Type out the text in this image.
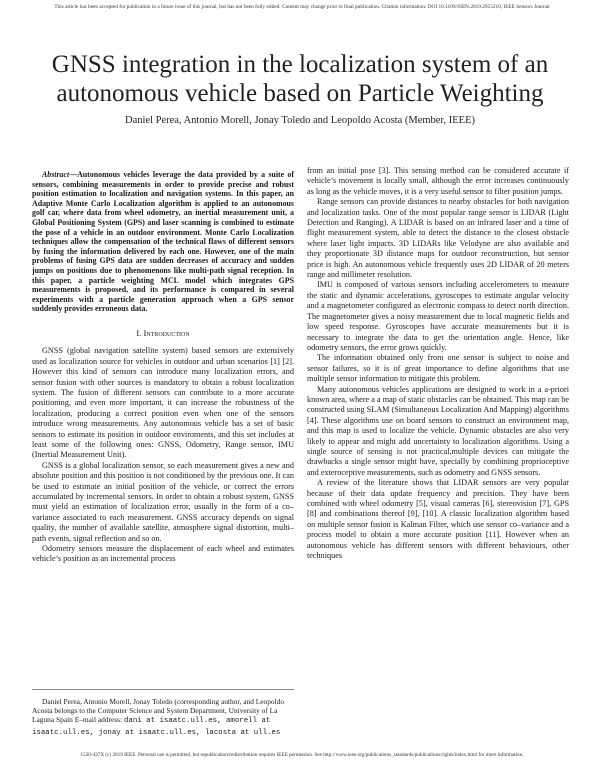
This article has been accepted for publication in a future issue of this journal, but has not been fully edited. Content may change prior to final publication. Citation information: DOI 10.1109/JSEN.2019.2955210, IEEE Sensors Journal
GNSS integration in the localization system of an autonomous vehicle based on Particle Weighting
Daniel Perea, Antonio Morell, Jonay Toledo and Leopoldo Acosta (Member, IEEE)

Abstract—Autonomous vehicles leverage the data provided by a suite of sensors, combining measurements in order to provide precise and robust position estimation to localization and navigation systems. In this paper, an Adaptive Monte Carlo Localization algorithm is applied to an autonomous golf car, where data from wheel odometry, an inertial measurement unit, a Global Positioning System (GPS) and laser scanning is combined to estimate the pose of a vehicle in an outdoor environment. Monte Carlo Localization techniques allow the compensation of the technical flaws of different sensors by fusing the information delivered by each one. However, one of the main problems of fusing GPS data are sudden decreases of accuracy and sudden jumps on positions due to phenomenons like multi-path signal reception. In this paper, a particle weighting MCL model which integrates GPS measurements is proposed, and its performance is compared in several experiments with a particle generation approach when a GPS sensor suddenly provides erroneous data.

I. Introduction

GNSS (global navigation satellite system) based sensors are extensively used as localization source for vehicles in outdoor and urban scenarios [1] [2]. However this kind of sensors can introduce many localization errors, and sensor fusion with other sources is mandatory to obtain a robust localization system. The fusion of different sensors can contribute to a more accurate positioning, and even more important, it can increase the robustness of the localization, producing a correct position even when one of the sensors introduce wrong measurements. Any autonomous vehicle has a set of basic sensors to estimate its position in outdoor enviroments, and this set includes at least some of the following ones: GNSS, Odometry, Range sensor, IMU (Inertial Measurement Unit).

GNSS is a global localization sensor, so each measurement gives a new and absolute position and this position is not conditioned by the previous one. It can be used to estimate an initial position of the vehicle, or correct the errors accumulated by incremental sensors. In order to obtain a robust system, GNSS must yield an estimation of localization error, usually in the form of a co–variance associated to each measurement. GNSS accuracy depends on signal quality, the number of available satellite, atmosphere signal distortion, multi–path events, signal reflection and so on.

Odometry sensors measure the displacement of each wheel and estimates vehicle’s position as an incremental process

Daniel Perea, Antonio Morell, Jonay Toledo (corresponding author, and Leopoldo Acosta belongs to the Computer Science and System Department, University of La Laguna Spain E–mail address: dani at isaatc.ull.es, amorell at isaatc.ull.es, jonay at isaatc.ull.es, lacosta at ull.es

from an initial pose [3]. This sensing method can be considered accurate if vehicle’s movement is locally small, although the error increases continuously as long as the vehicle moves, it is a very useful sensor to filter position jumps.

Range sensors can provide distances to nearby obstacles for both navigation and localization tasks. One of the most popular range sensor is LIDAR (Light Detection and Ranging). A LIDAR is based on an infrared laser and a time of flight measurement system, able to detect the distance to the closest obstacle where laser light impacts. 3D LIDARs like Velodyne are also available and they proportionate 3D distance maps for outdoor reconstruction, but sensor price is high. An autonomous vehicle frequently uses 2D LIDAR of 20 meters range and millimeter resolution.

IMU is composed of various sensors including accelerometers to measure the static and dynamic accelerations, gyroscopes to estimate angular velocity and a magnetometer configured as electronic compass to detect north direction. The magnetometer gives a noisy measurement due to local magnetic fields and low speed response. Gyroscopes have accurate measurements but it is necessary to integrate the data to get the orientation angle. Hence, like odometry sensors, the error grows quickly.

The information obtained only from one sensor is subject to noise and sensor failures, so it is of great importance to define algorithms that use multiple sensor information to mitigate this problem.

Many autonomous vehicles applications are designed to work in a a-priori known area, where a a map of static obstacles can be obtained. This map can be constructed using SLAM (Simultaneous Localization And Mapping) algorithms [4]. These algorithms use on board sensors to construct an environment map, and this map is used to localize the vehicle. Dynamic obstacles are also very likely to appear and might add uncertainty to localization algorithms. Using a single source of sensing is not practical,multiple devices can mitigate the drawbacks a single sensor might have, specially by combining proprioceptive and exteroceptive measurements, such as odometry and GNSS sensors.

A review of the literature shows that LIDAR sensors are very popular because of their data update frequency and precision. They have been combined with wheel odometry [5], visual cameras [6], stereovision [7], GPS [8] and combinations thereof [9], [10]. A classic localization algorithm based on multiple sensor fusion is Kalman Filter, which use sensor co–variance and a process model to obtain a more accurate position [11]. However when an autonomous vehicle has different sensors with different behaviours, other techniques

1530-437X (c) 2019 IEEE. Personal use is permitted, but republication/redistribution requires IEEE permission. See http://www.ieee.org/publications_standards/publications/rights/index.html for more information.
